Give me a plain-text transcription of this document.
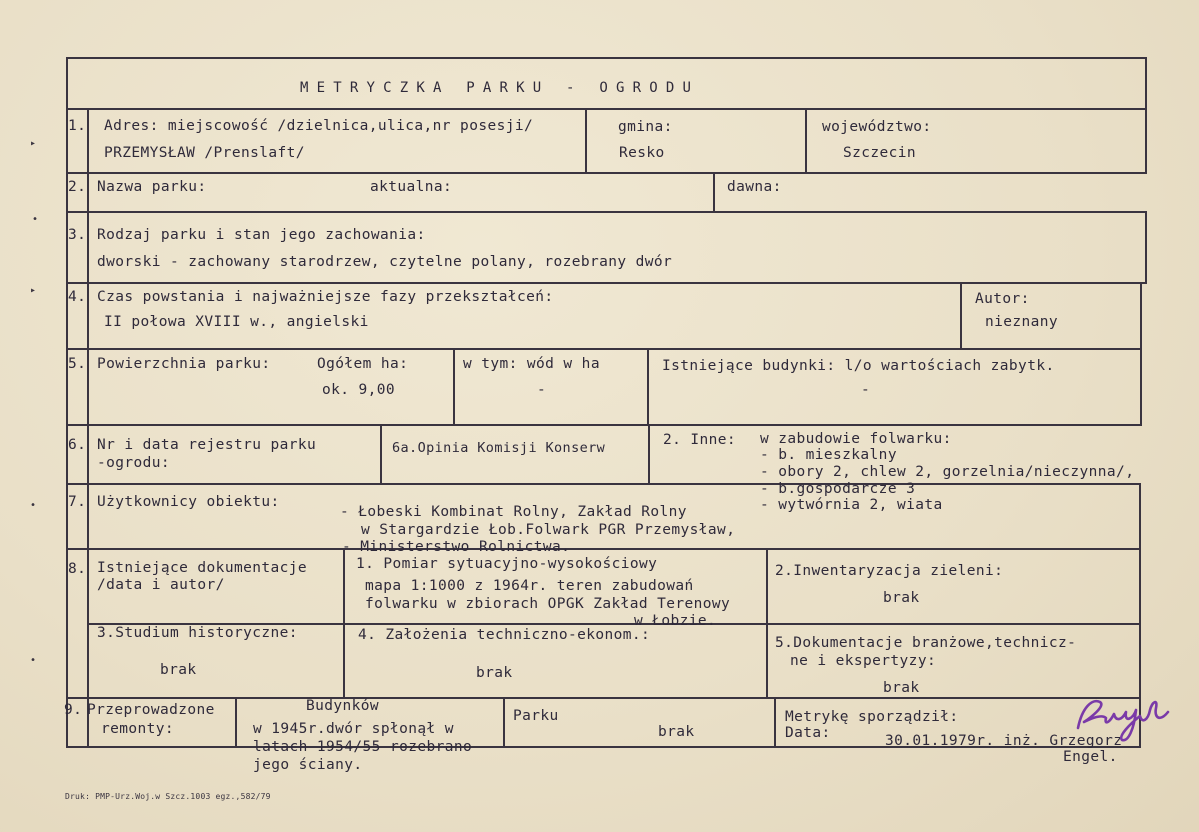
▸
•
▸
•
•
METRYCZKA PARKU - OGRODU
1. Adres: miejscowość /dzielnica,ulica,nr posesji/	gmina:	województwo:
PRZEMYSŁAW /Prenslaft/	Resko	Szczecin
2. Nazwa parku:	aktualna:	dawna:
3. Rodzaj parku i stan jego zachowania:
dworski - zachowany starodrzew, czytelne polany, rozebrany dwór
4. Czas powstania i najważniejsze fazy przekształceń:
II połowa XVIII w., angielski
Autor:
nieznany
5. Powierzchnia parku:	Ogółem ha:
ok. 9,00
w tym: wód w ha
-
Istniejące budynki: l/o wartościach zabytk.
-
6. Nr i data rejestru parku
-ogrodu:
6a.Opinia Komisji Konserw	2. Inne: w zabudowie folwarku:
- b. mieszkalny
- obory 2, chlew 2, gorzelnia/nieczynna/,
- b.gospodarcze 3
- wytwórnia 2, wiata
7. Użytkownicy obiektu:
- Łobeski Kombinat Rolny, Zakład Rolny
w Stargardzie Łob.Folwark PGR Przemysław,
- Ministerstwo Rolnictwa.
8. Istniejące dokumentacje
/data i autor/
1. Pomiar sytuacyjno-wysokościowy
mapa 1:1000 z 1964r. teren zabudowań
folwarku w zbiorach OPGK Zakład Terenowy
w Łobzie.
2.Inwentaryzacja zieleni:
brak
3.Studium historyczne:
brak
4. Założenia techniczno-ekonom.:
brak
5.Dokumentacje branżowe,technicz-
ne i ekspertyzy:
brak
9. Przeprowadzone
remonty:
Budynków
w 1945r.dwór spłonął w
latach 1954/55 rozebrano
jego ściany.
Parku
brak
Metrykę sporządził:
Data:	30.01.1979r. inż. Grzegorz
Engel.
Druk: PMP-Urz.Woj.w Szcz.1003 egz.,582/79
